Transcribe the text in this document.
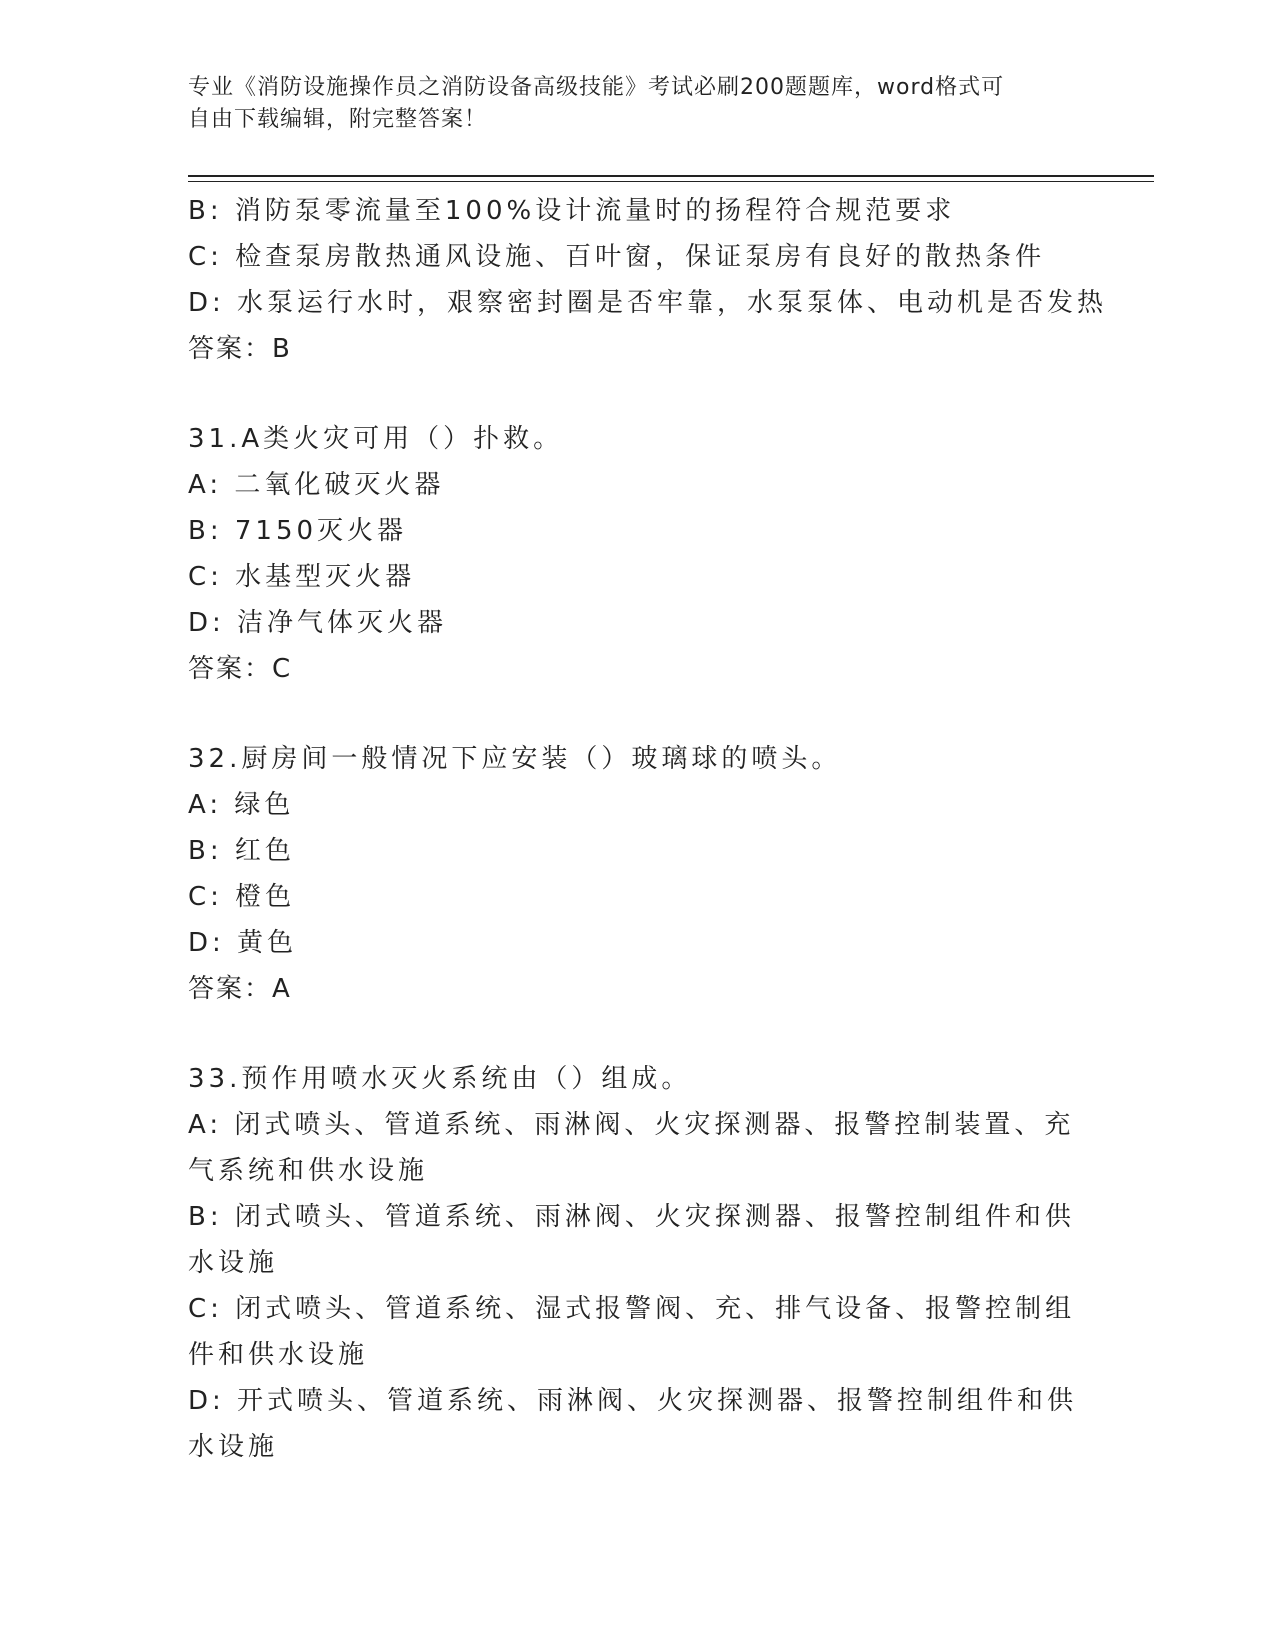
专业《消防设施操作员之消防设备高级技能》考试必刷200题题库，word格式可
自由下载编辑，附完整答案！
B: 消防泵零流量至100%设计流量时的扬程符合规范要求
C: 检查泵房散热通风设施、百叶窗，保证泵房有良好的散热条件
D: 水泵运行水时，艰察密封圈是否牢靠，水泵泵体、电动机是否发热
答案：B
31.A类火灾可用（）扑救。
A: 二氧化破灭火器
B: 7150灭火器
C: 水基型灭火器
D: 洁净气体灭火器
答案：C
32.厨房间一般情况下应安装（）玻璃球的喷头。
A: 绿色
B: 红色
C: 橙色
D: 黄色
答案：A
33.预作用喷水灭火系统由（）组成。
A: 闭式喷头、管道系统、雨淋阀、火灾探测器、报警控制装置、充气系统和供水设施
B: 闭式喷头、管道系统、雨淋阀、火灾探测器、报警控制组件和供水设施
C: 闭式喷头、管道系统、湿式报警阀、充、排气设备、报警控制组件和供水设施
D: 开式喷头、管道系统、雨淋阀、火灾探测器、报警控制组件和供水设施
